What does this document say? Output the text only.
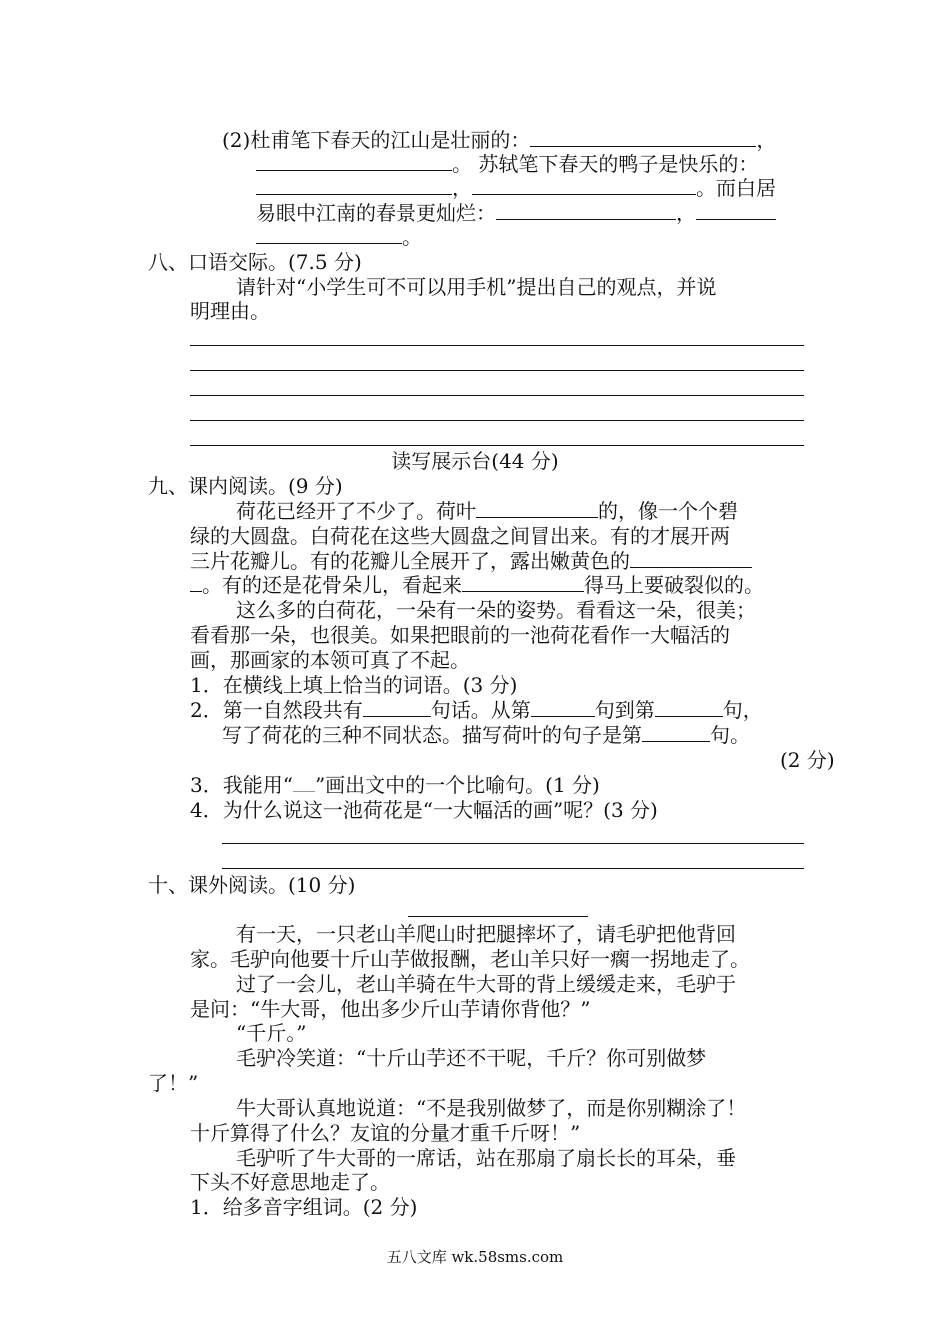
(2)杜甫笔下春天的江山是壮丽的：	，

。 苏轼笔下春天的鸭子是快乐的：

，	。而白居

易眼中江南的春景更灿烂：	，

。

八、口语交际。(7.5 分)

请针对“小学生可不可以用手机”提出自己的观点，并说

明理由。

读写展示台(44 分)

九、课内阅读。(9 分)

荷花已经开了不少了。荷叶	的，像一个个碧

绿的大圆盘。白荷花在这些大圆盘之间冒出来。有的才展开两

三片花瓣儿。有的花瓣儿全展开了，露出嫩黄色的

。有的还是花骨朵儿，看起来	得马上要破裂似的。

这么多的白荷花，一朵有一朵的姿势。看看这一朵，很美；

看看那一朵，也很美。如果把眼前的一池荷花看作一大幅活的

画，那画家的本领可真了不起。

1．在横线上填上恰当的词语。(3 分)

2．第一自然段共有	句话。从第	句到第	句，

写了荷花的三种不同状态。描写荷叶的句子是第	句。

(2 分)

3．我能用“ ”画出文中的一个比喻句。(1 分)

4．为什么说这一池荷花是“一大幅活的画”呢？(3 分)

十、课外阅读。(10 分)

有一天，一只老山羊爬山时把腿摔坏了，请毛驴把他背回

家。毛驴向他要十斤山芋做报酬，老山羊只好一瘸一拐地走了。

过了一会儿，老山羊骑在牛大哥的背上缓缓走来，毛驴于

是问：“牛大哥，他出多少斤山芋请你背他？”

“千斤。”

毛驴冷笑道：“十斤山芋还不干呢，千斤？你可别做梦

了！”

牛大哥认真地说道：“不是我别做梦了，而是你别糊涂了！

十斤算得了什么？友谊的分量才重千斤呀！”

毛驴听了牛大哥的一席话，站在那扇了扇长长的耳朵，垂

下头不好意思地走了。

1．给多音字组词。(2 分)

五八文库 wk.58sms.com
